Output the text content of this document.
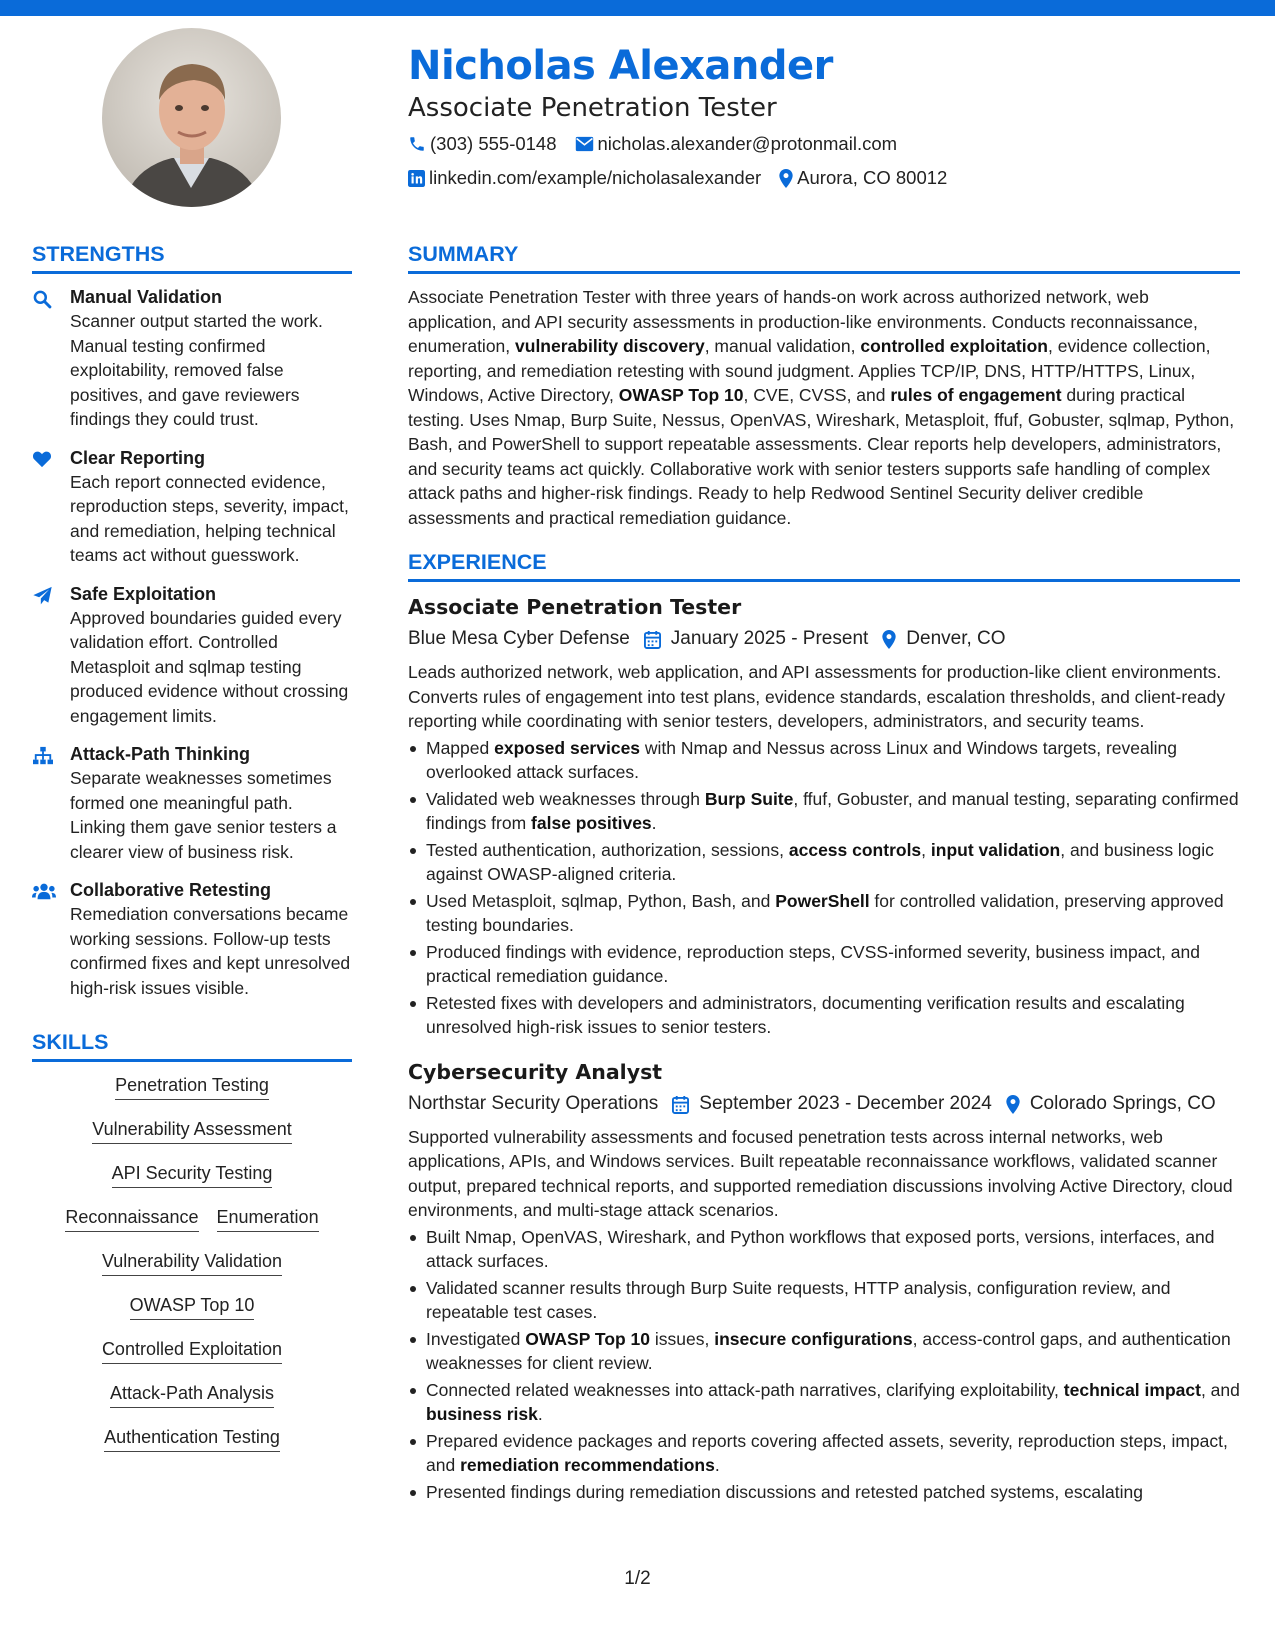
Nicholas Alexander
Associate Penetration Tester
(303) 555-0148 nicholas.alexander@protonmail.com
linkedin.com/example/nicholasalexander Aurora, CO 80012
STRENGTHS
Manual Validation
Scanner output started the work. Manual testing confirmed exploitability, removed false positives, and gave reviewers findings they could trust.
Clear Reporting
Each report connected evidence, reproduction steps, severity, impact, and remediation, helping technical teams act without guesswork.
Safe Exploitation
Approved boundaries guided every validation effort. Controlled Metasploit and sqlmap testing produced evidence without crossing engagement limits.
Attack-Path Thinking
Separate weaknesses sometimes formed one meaningful path. Linking them gave senior testers a clearer view of business risk.
Collaborative Retesting
Remediation conversations became working sessions. Follow-up tests confirmed fixes and kept unresolved high-risk issues visible.
SKILLS
Penetration Testing
Vulnerability Assessment
API Security Testing
Reconnaissance Enumeration
Vulnerability Validation
OWASP Top 10
Controlled Exploitation
Attack-Path Analysis
Authentication Testing
SUMMARY
Associate Penetration Tester with three years of hands-on work across authorized network, web application, and API security assessments in production-like environments. Conducts reconnaissance, enumeration, vulnerability discovery, manual validation, controlled exploitation, evidence collection, reporting, and remediation retesting with sound judgment. Applies TCP/IP, DNS, HTTP/HTTPS, Linux, Windows, Active Directory, OWASP Top 10, CVE, CVSS, and rules of engagement during practical testing. Uses Nmap, Burp Suite, Nessus, OpenVAS, Wireshark, Metasploit, ffuf, Gobuster, sqlmap, Python, Bash, and PowerShell to support repeatable assessments. Clear reports help developers, administrators, and security teams act quickly. Collaborative work with senior testers supports safe handling of complex attack paths and higher-risk findings. Ready to help Redwood Sentinel Security deliver credible assessments and practical remediation guidance.
EXPERIENCE
Associate Penetration Tester
Blue Mesa Cyber Defense January 2025 - Present Denver, CO
Leads authorized network, web application, and API assessments for production-like client environments. Converts rules of engagement into test plans, evidence standards, escalation thresholds, and client-ready reporting while coordinating with senior testers, developers, administrators, and security teams.
Mapped exposed services with Nmap and Nessus across Linux and Windows targets, revealing overlooked attack surfaces.
Validated web weaknesses through Burp Suite, ffuf, Gobuster, and manual testing, separating confirmed findings from false positives.
Tested authentication, authorization, sessions, access controls, input validation, and business logic against OWASP-aligned criteria.
Used Metasploit, sqlmap, Python, Bash, and PowerShell for controlled validation, preserving approved testing boundaries.
Produced findings with evidence, reproduction steps, CVSS-informed severity, business impact, and practical remediation guidance.
Retested fixes with developers and administrators, documenting verification results and escalating unresolved high-risk issues to senior testers.
Cybersecurity Analyst
Northstar Security Operations September 2023 - December 2024 Colorado Springs, CO
Supported vulnerability assessments and focused penetration tests across internal networks, web applications, APIs, and Windows services. Built repeatable reconnaissance workflows, validated scanner output, prepared technical reports, and supported remediation discussions involving Active Directory, cloud environments, and multi-stage attack scenarios.
Built Nmap, OpenVAS, Wireshark, and Python workflows that exposed ports, versions, interfaces, and attack surfaces.
Validated scanner results through Burp Suite requests, HTTP analysis, configuration review, and repeatable test cases.
Investigated OWASP Top 10 issues, insecure configurations, access-control gaps, and authentication weaknesses for client review.
Connected related weaknesses into attack-path narratives, clarifying exploitability, technical impact, and business risk.
Prepared evidence packages and reports covering affected assets, severity, reproduction steps, impact, and remediation recommendations.
Presented findings during remediation discussions and retested patched systems, escalating
1/2
